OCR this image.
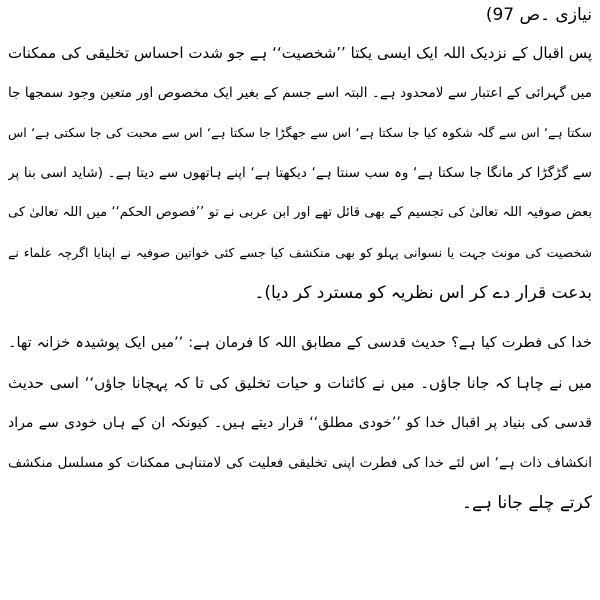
نیازی ۔ص 97)
پس اقبال کے نزدیک اللہ ایک ایسی یکتا ’’شخصیت‘‘ ہے جو شدت احساس تخلیقی کی ممکنات
میں گہرائی کے اعتبار سے لامحدود ہے۔ البتہ اسے جسم کے بغیر ایک مخصوص اور متعین وجود سمجھا جا
سکتا ہے‘ اس سے گلہ شکوہ کیا جا سکتا ہے‘ اس سے جھگڑا جا سکتا ہے‘ اس سے محبت کی جا سکتی ہے‘ اس
سے گڑگڑا کر مانگا جا سکتا ہے‘ وہ سب سنتا ہے‘ دیکھتا ہے‘ اپنے ہاتھوں سے دیتا ہے۔ (شاید اسی بنا پر
بعض صوفیہ اللہ تعالیٰ کی تجسیم کے بھی قائل تھے اور ابن عربی نے تو ’’فصوص الحکم‘‘ میں اللہ تعالیٰ کی
شخصیت کی مونث جہت یا نسوانی پہلو کو بھی منکشف کیا جسے کئی خواتین صوفیہ نے اپنایا اگرچہ علماء نے
بدعت قرار دے کر اس نظریہ کو مسترد کر دیا)۔
خدا کی فطرت کیا ہے؟ حدیث قدسی کے مطابق اللہ کا فرمان ہے: ’’میں ایک پوشیدہ خزانہ تھا۔
میں نے چاہا کہ جانا جاؤں۔ میں نے کائنات و حیات تخلیق کی تا کہ پہچانا جاؤں‘‘ اسی حدیث
قدسی کی بنیاد پر اقبال خدا کو ’’خودی مطلق‘‘ قرار دیتے ہیں۔ کیونکہ ان کے ہاں خودی سے مراد
انکشاف ذات ہے‘ اس لئے خدا کی فطرت اپنی تخلیقی فعلیت کی لامتناہی ممکنات کو مسلسل منکشف
کرتے چلے جانا ہے۔
